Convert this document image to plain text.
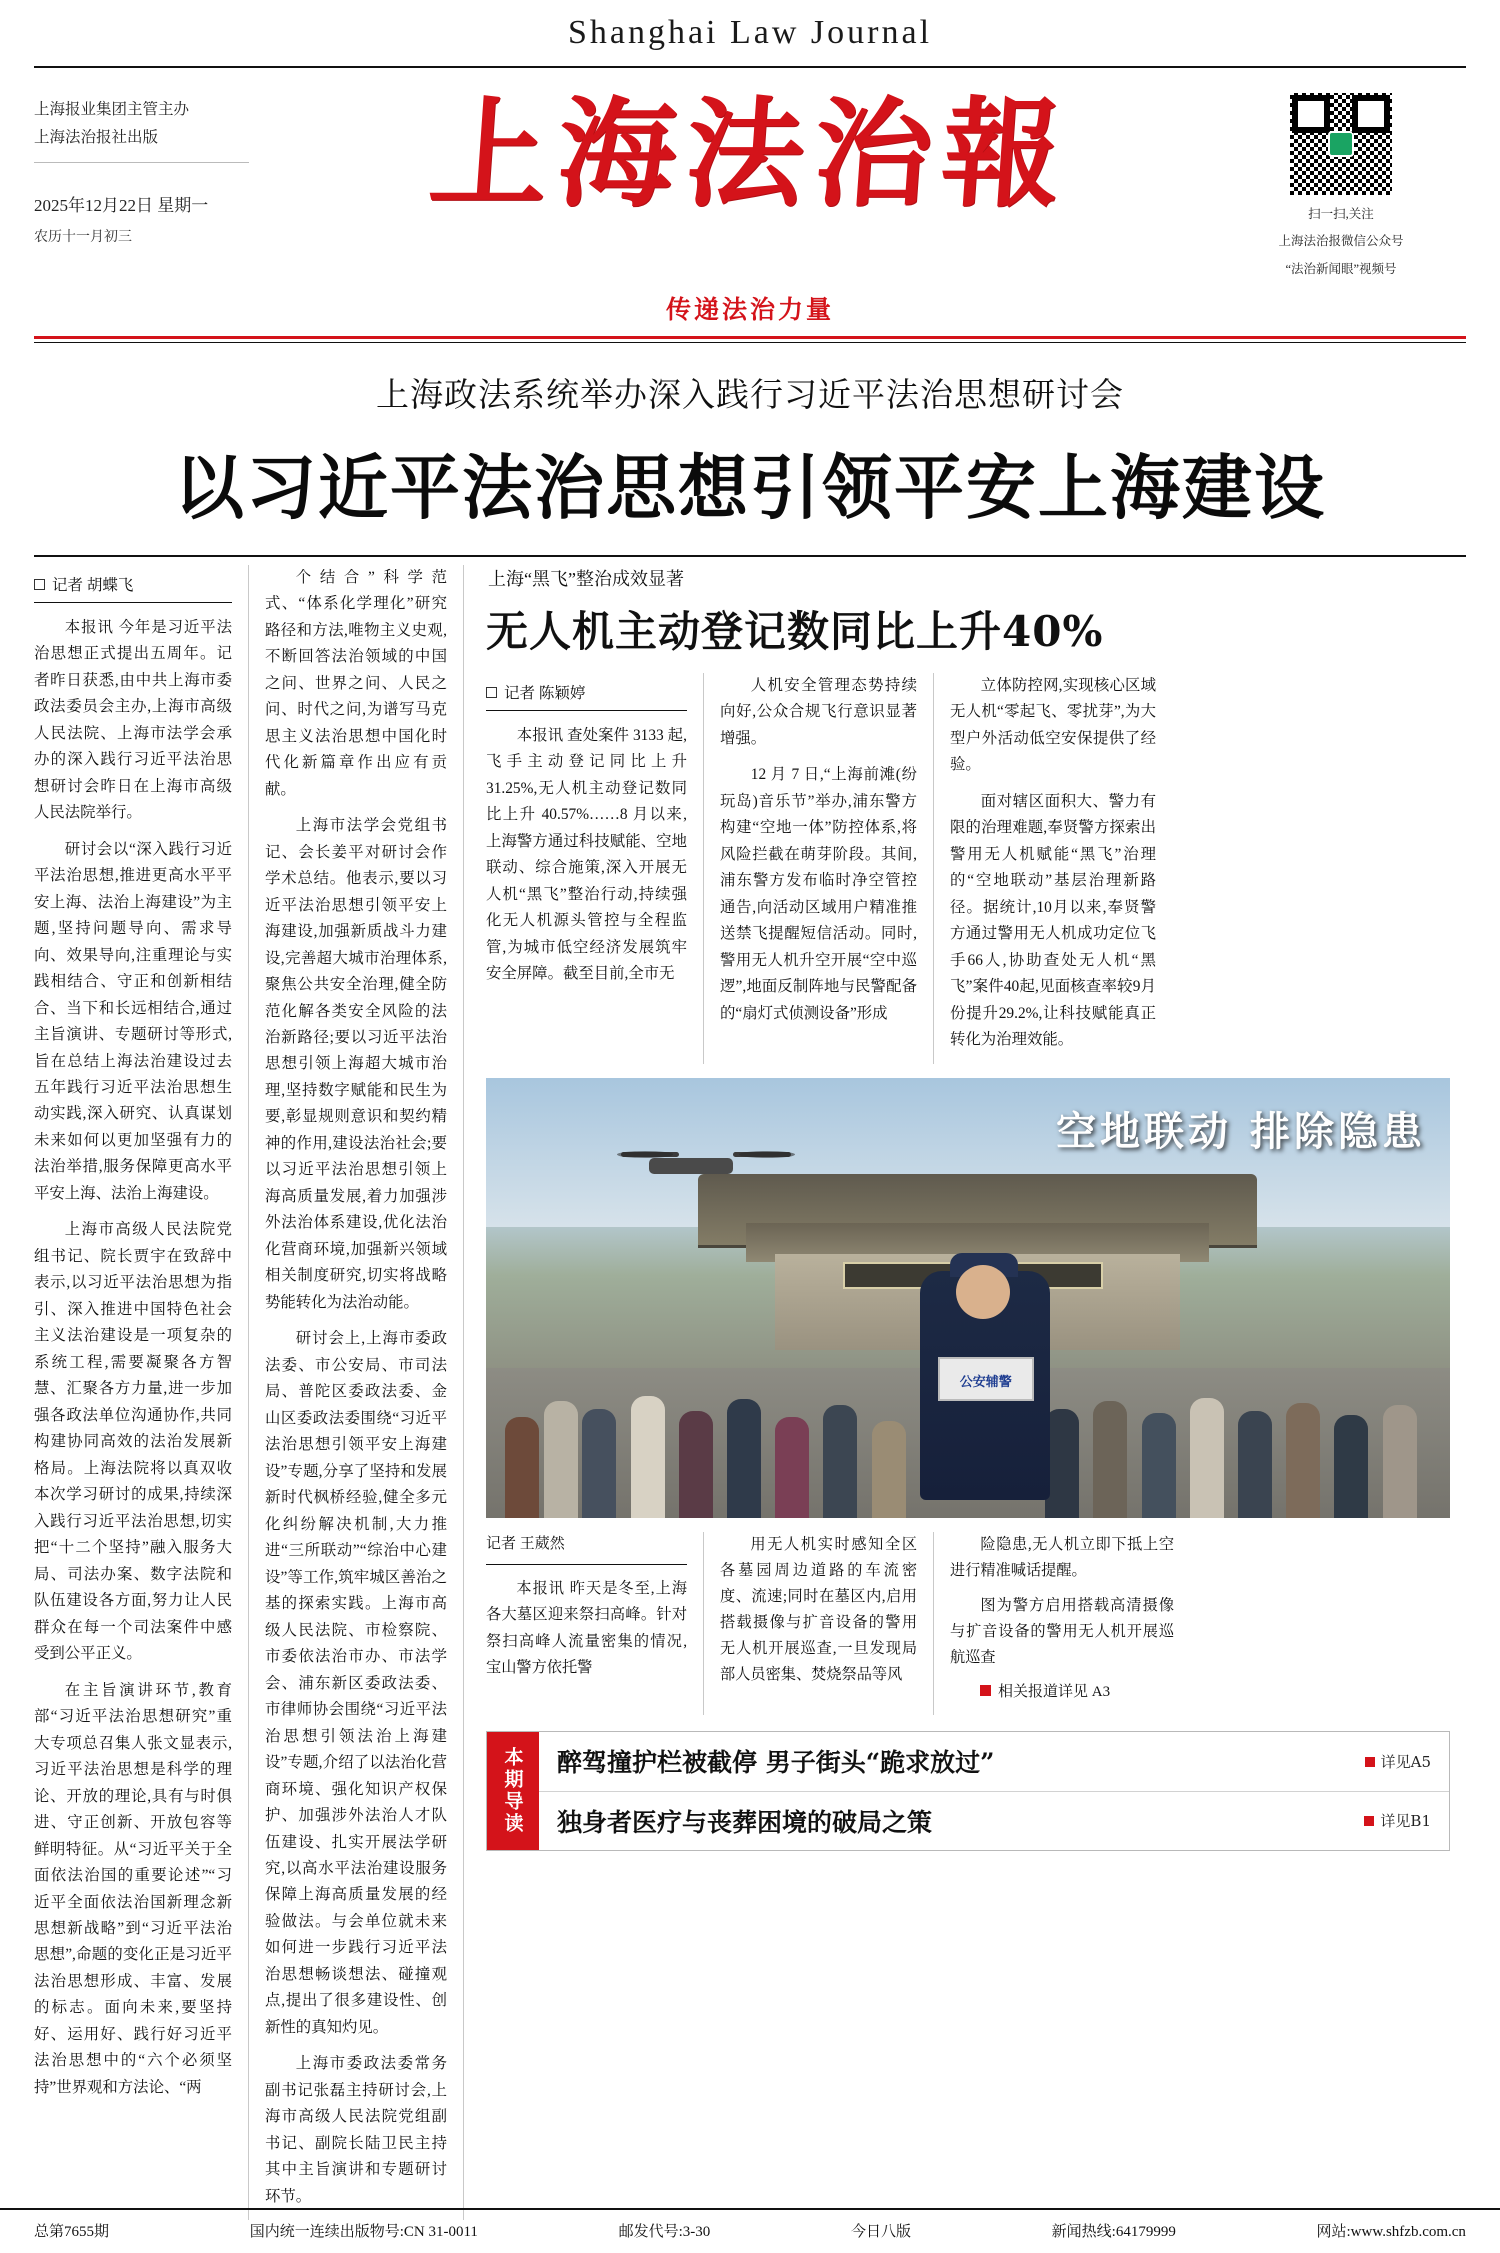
Shanghai Law Journal
上海报业集团主管主办
上海法治报社出版
2025年12月22日 星期一
农历十一月初三
上海法治報	扫一扫,关注
上海法治报微信公众号
“法治新闻眼”视频号
传递法治力量
上海政法系统举办深入践行习近平法治思想研讨会
以习近平法治思想引领平安上海建设
记者 胡蝶飞

本报讯 今年是习近平法治思想正式提出五周年。记者昨日获悉,由中共上海市委政法委员会主办,上海市高级人民法院、上海市法学会承办的深入践行习近平法治思想研讨会昨日在上海市高级人民法院举行。

研讨会以“深入践行习近平法治思想,推进更高水平平安上海、法治上海建设”为主题,坚持问题导向、需求导向、效果导向,注重理论与实践相结合、守正和创新相结合、当下和长远相结合,通过主旨演讲、专题研讨等形式,旨在总结上海法治建设过去五年践行习近平法治思想生动实践,深入研究、认真谋划未来如何以更加坚强有力的法治举措,服务保障更高水平平安上海、法治上海建设。

上海市高级人民法院党组书记、院长贾宇在致辞中表示,以习近平法治思想为指引、深入推进中国特色社会主义法治建设是一项复杂的系统工程,需要凝聚各方智慧、汇聚各方力量,进一步加强各政法单位沟通协作,共同构建协同高效的法治发展新格局。上海法院将以真双收本次学习研讨的成果,持续深入践行习近平法治思想,切实把“十二个坚持”融入服务大局、司法办案、数字法院和队伍建设各方面,努力让人民群众在每一个司法案件中感受到公平正义。

在主旨演讲环节,教育部“习近平法治思想研究”重大专项总召集人张文显表示,习近平法治思想是科学的理论、开放的理论,具有与时俱进、守正创新、开放包容等鲜明特征。从“习近平关于全面依法治国的重要论述”“习近平全面依法治国新理念新思想新战略”到“习近平法治思想”,命题的变化正是习近平法治思想形成、丰富、发展的标志。面向未来,要坚持好、运用好、践行好习近平法治思想中的“六个必须坚持”世界观和方法论、“两

个结合”科学范式、“体系化学理化”研究路径和方法,唯物主义史观,不断回答法治领域的中国之问、世界之问、人民之问、时代之问,为谱写马克思主义法治思想中国化时代化新篇章作出应有贡献。

上海市法学会党组书记、会长姜平对研讨会作学术总结。他表示,要以习近平法治思想引领平安上海建设,加强新质战斗力建设,完善超大城市治理体系,聚焦公共安全治理,健全防范化解各类安全风险的法治新路径;要以习近平法治思想引领上海超大城市治理,坚持数字赋能和民生为要,彰显规则意识和契约精神的作用,建设法治社会;要以习近平法治思想引领上海高质量发展,着力加强涉外法治体系建设,优化法治化营商环境,加强新兴领域相关制度研究,切实将战略势能转化为法治动能。

研讨会上,上海市委政法委、市公安局、市司法局、普陀区委政法委、金山区委政法委围绕“习近平法治思想引领平安上海建设”专题,分享了坚持和发展新时代枫桥经验,健全多元化纠纷解决机制,大力推进“三所联动”“综治中心建设”等工作,筑牢城区善治之基的探索实践。上海市高级人民法院、市检察院、市委依法治市办、市法学会、浦东新区委政法委、市律师协会围绕“习近平法治思想引领法治上海建设”专题,介绍了以法治化营商环境、强化知识产权保护、加强涉外法治人才队伍建设、扎实开展法学研究,以高水平法治建设服务保障上海高质量发展的经验做法。与会单位就未来如何进一步践行习近平法治思想畅谈想法、碰撞观点,提出了很多建设性、创新性的真知灼见。

上海市委政法委常务副书记张磊主持研讨会,上海市高级人民法院党组副书记、副院长陆卫民主持其中主旨演讲和专题研讨环节。

上海“黑飞”整治成效显著
无人机主动登记数同比上升40%
记者 陈颖婷

本报讯 查处案件 3133 起,飞手主动登记同比上升31.25%,无人机主动登记数同比上升 40.57%……8 月以来,上海警方通过科技赋能、空地联动、综合施策,深入开展无人机“黑飞”整治行动,持续强化无人机源头管控与全程监管,为城市低空经济发展筑牢安全屏障。截至目前,全市无

人机安全管理态势持续向好,公众合规飞行意识显著增强。

12 月 7 日,“上海前滩(纷玩岛)音乐节”举办,浦东警方构建“空地一体”防控体系,将风险拦截在萌芽阶段。其间,浦东警方发布临时净空管控通告,向活动区域用户精准推送禁飞提醒短信活动。同时,警用无人机升空开展“空中巡逻”,地面反制阵地与民警配备的“扇灯式侦测设备”形成

立体防控网,实现核心区域无人机“零起飞、零扰芽”,为大型户外活动低空安保提供了经验。

面对辖区面积大、警力有限的治理难题,奉贤警方探索出警用无人机赋能“黑飞”治理的“空地联动”基层治理新路径。据统计,10月以来,奉贤警方通过警用无人机成功定位飞手66人,协助查处无人机“黑飞”案件40起,见面核查率较9月份提升29.2%,让科技赋能真正转化为治理效能。

公安辅警
空地联动 排除隐患
记者 王葳然

本报讯 昨天是冬至,上海各大墓区迎来祭扫高峰。针对祭扫高峰人流量密集的情况,宝山警方依托警

用无人机实时感知全区各墓园周边道路的车流密度、流速;同时在墓区内,启用搭载摄像与扩音设备的警用无人机开展巡查,一旦发现局部人员密集、焚烧祭品等风

险隐患,无人机立即下抵上空进行精准喊话提醒。

图为警方启用搭载高清摄像与扩音设备的警用无人机开展巡航巡查

相关报道详见 A3

本期导读	醉驾撞护栏被截停 男子街头“跪求放过”	详见A5
独身者医疗与丧葬困境的破局之策	详见B1
总第7655期	国内统一连续出版物号:CN 31-0011	邮发代号:3-30	今日八版	新闻热线:64179999	网站:www.shfzb.com.cn
